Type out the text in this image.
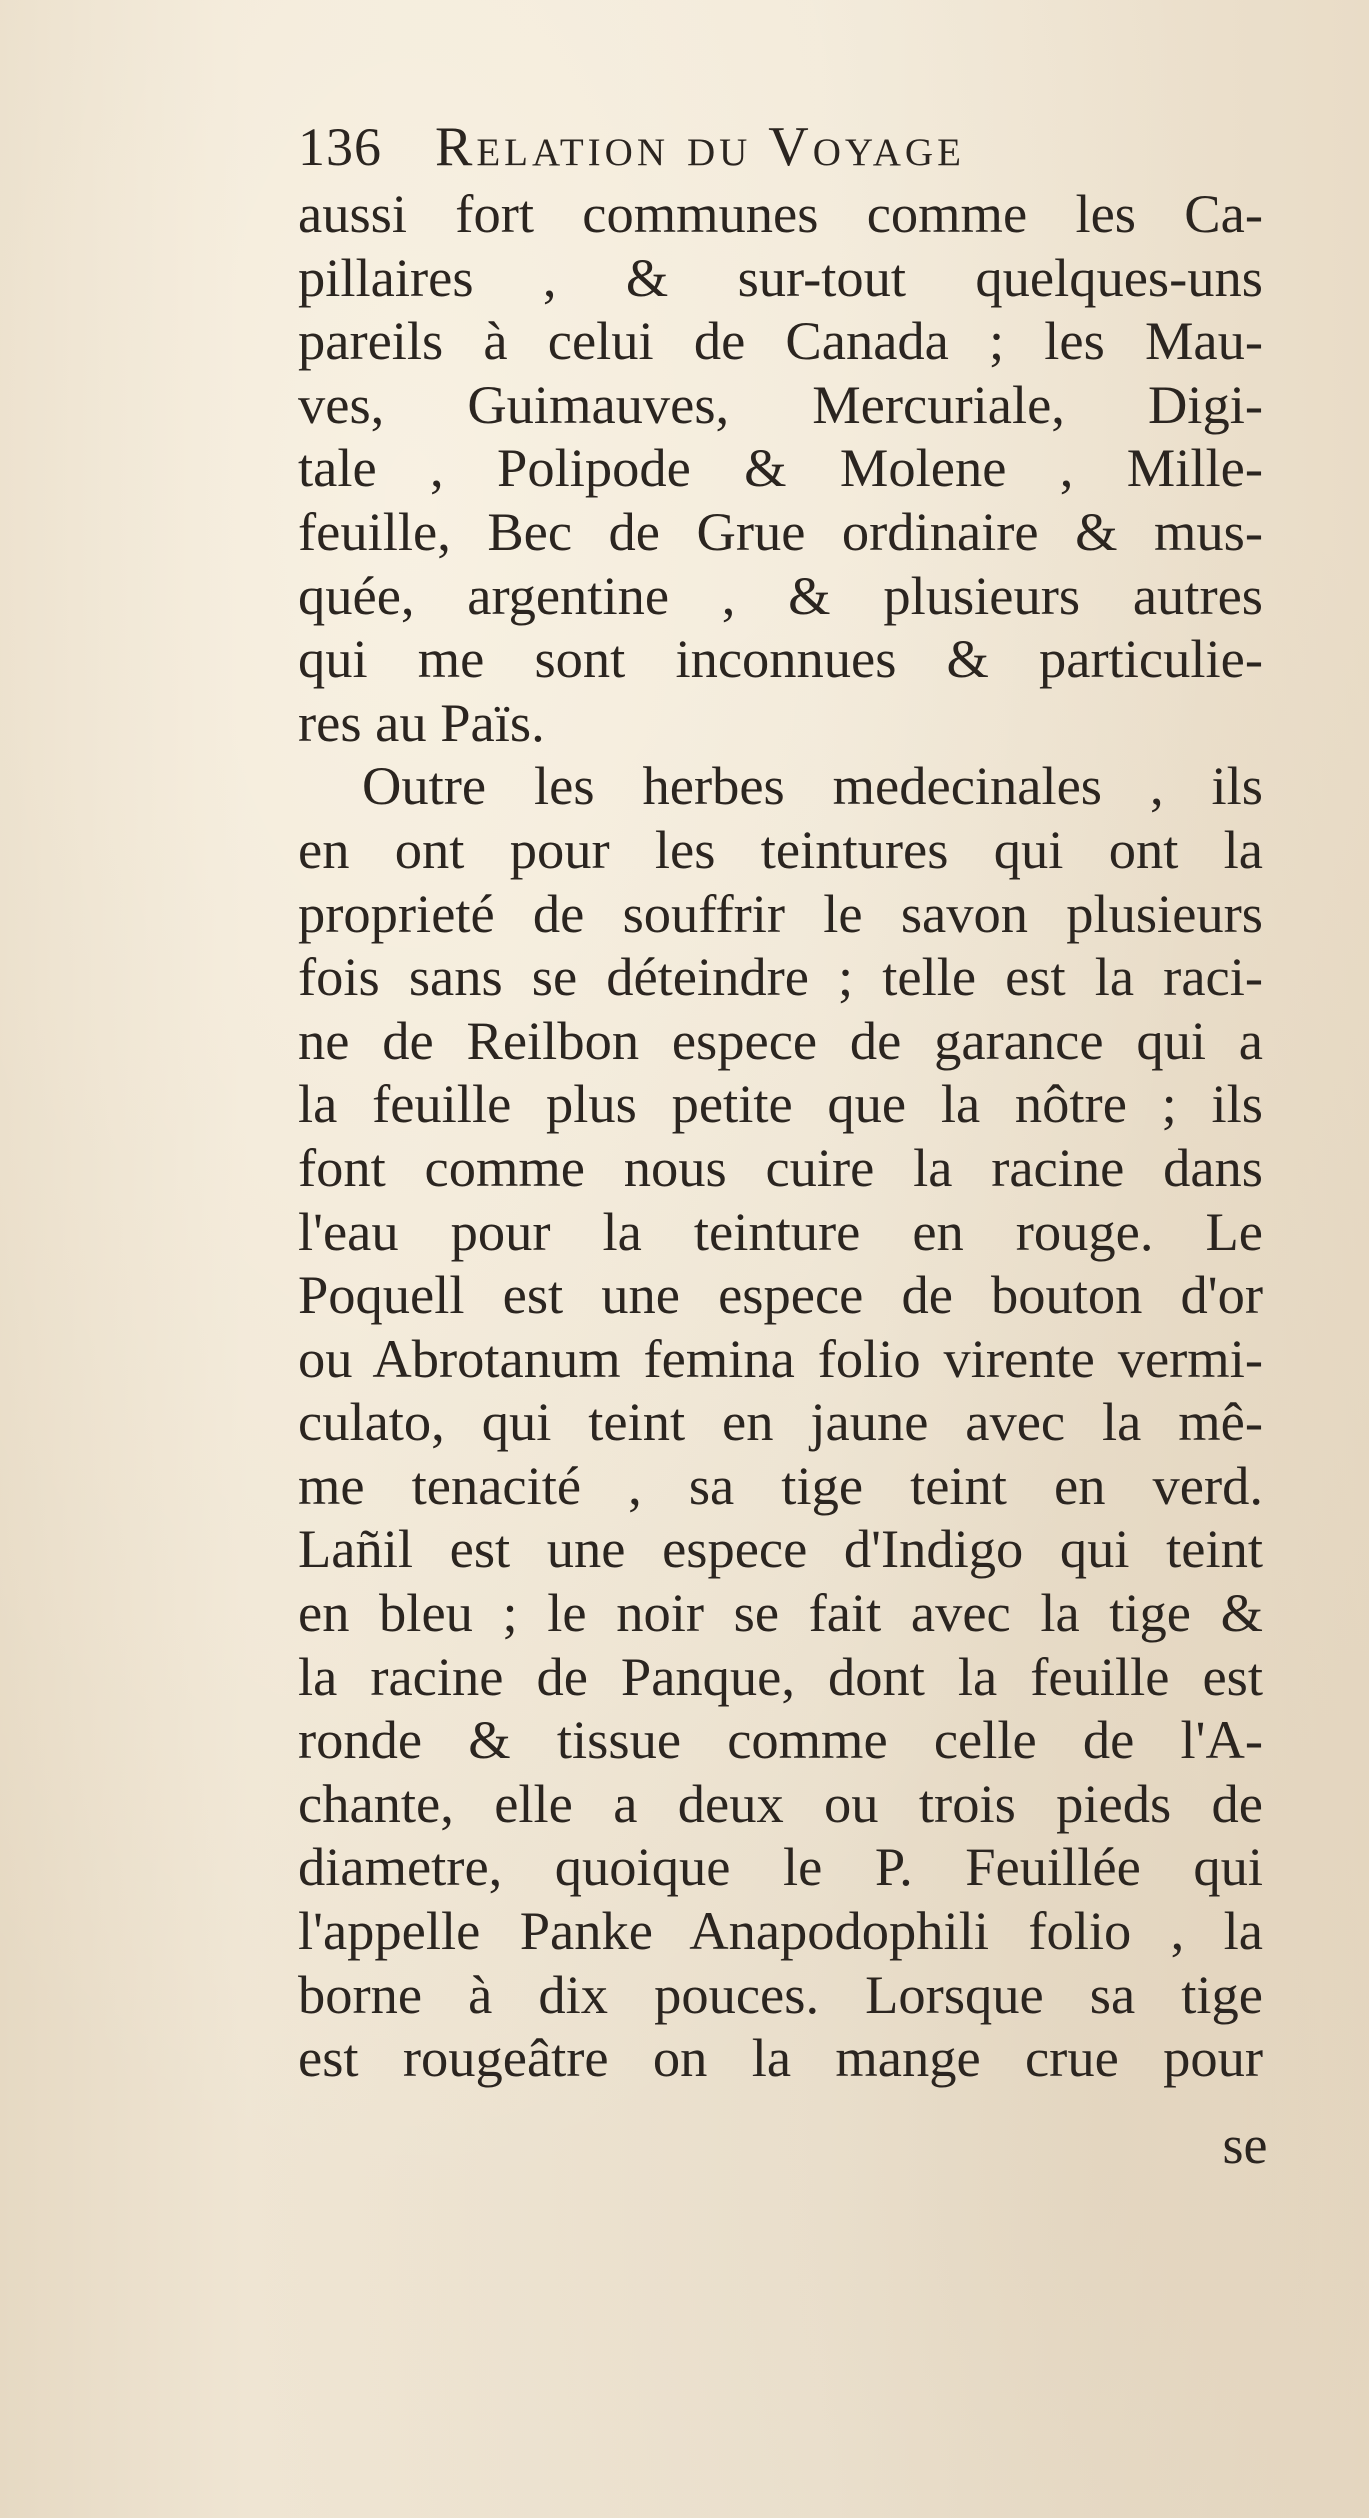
136 Relation du Voyage
aussi fort communes comme les Ca-
pillaires , & sur-tout quelques-uns
pareils à celui de Canada ; les Mau-
ves, Guimauves, Mercuriale, Digi-
tale , Polipode & Molene , Mille-
feuille, Bec de Grue ordinaire & mus-
quée, argentine , & plusieurs autres
qui me sont inconnues & particulie-
res au Païs.
Outre les herbes medecinales , ils
en ont pour les teintures qui ont la
proprieté de souffrir le savon plusieurs
fois sans se déteindre ; telle est la raci-
ne de Reilbon espece de garance qui a
la feuille plus petite que la nôtre ; ils
font comme nous cuire la racine dans
l'eau pour la teinture en rouge. Le
Poquell est une espece de bouton d'or
ou Abrotanum femina folio virente vermi-
culato, qui teint en jaune avec la mê-
me tenacité , sa tige teint en verd.
Lañil est une espece d'Indigo qui teint
en bleu ; le noir se fait avec la tige &
la racine de Panque, dont la feuille est
ronde & tissue comme celle de l'A-
chante, elle a deux ou trois pieds de
diametre, quoique le P. Feuillée qui
l'appelle Panke Anapodophili folio , la
borne à dix pouces. Lorsque sa tige
est rougeâtre on la mange crue pour
se
